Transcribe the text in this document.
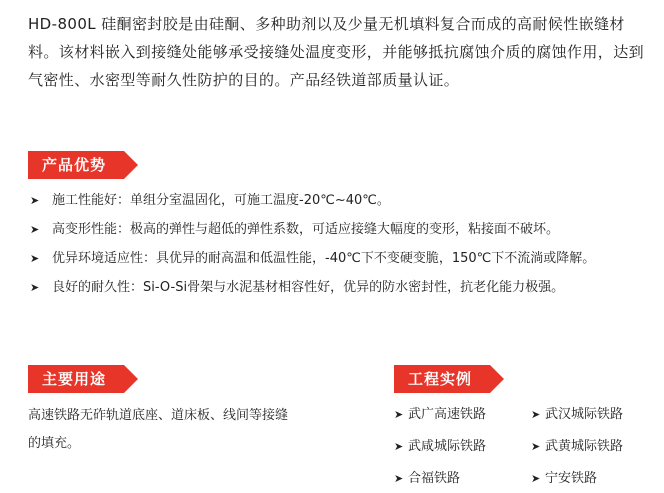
HD-800L 硅酮密封胶是由硅酮、多种助剂以及少量无机填料复合而成的高耐候性嵌缝材料。该材料嵌入到接缝处能够承受接缝处温度变形，并能够抵抗腐蚀介质的腐蚀作用，达到气密性、水密型等耐久性防护的目的。产品经铁道部质量认证。
产品优势
➤ 施工性能好：单组分室温固化，可施工温度-20℃~40℃。
➤ 高变形性能：极高的弹性与超低的弹性系数，可适应接缝大幅度的变形，粘接面不破坏。
➤ 优异环境适应性：具优异的耐高温和低温性能，-40℃下不变硬变脆，150℃下不流淌或降解。
➤ 良好的耐久性：Si-O-Si骨架与水泥基材相容性好，优异的防水密封性，抗老化能力极强。
主要用途
高速铁路无砟轨道底座、道床板、线间等接缝的填充。
工程实例
➤ 武广高速铁路	➤ 武汉城际铁路
➤ 武咸城际铁路	➤ 武黄城际铁路
➤ 合福铁路	➤ 宁安铁路
